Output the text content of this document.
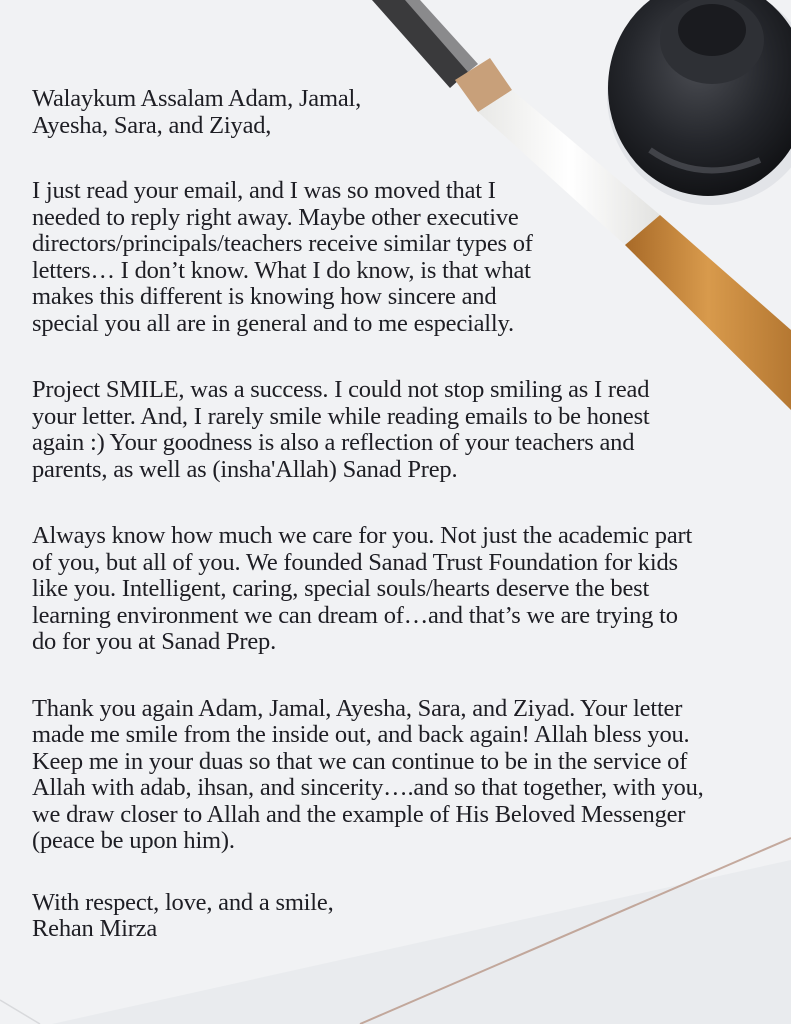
Walaykum Assalam Adam, Jamal,
Ayesha, Sara, and Ziyad,

I just read your email, and I was so moved that I
needed to reply right away. Maybe other executive
directors/principals/teachers receive similar types of
letters… I don’t know. What I do know, is that what
makes this different is knowing how sincere and
special you all are in general and to me especially.

Project SMILE, was a success. I could not stop smiling as I read
your letter. And, I rarely smile while reading emails to be honest
again :) Your goodness is also a reflection of your teachers and
parents, as well as (insha'Allah) Sanad Prep.

Always know how much we care for you. Not just the academic part
of you, but all of you. We founded Sanad Trust Foundation for kids
like you. Intelligent, caring, special souls/hearts deserve the best
learning environment we can dream of…and that’s we are trying to
do for you at Sanad Prep.

Thank you again Adam, Jamal, Ayesha, Sara, and Ziyad. Your letter
made me smile from the inside out, and back again! Allah bless you.
Keep me in your duas so that we can continue to be in the service of
Allah with adab, ihsan, and sincerity….and so that together, with you,
we draw closer to Allah and the example of His Beloved Messenger
(peace be upon him).

With respect, love, and a smile,
Rehan Mirza
